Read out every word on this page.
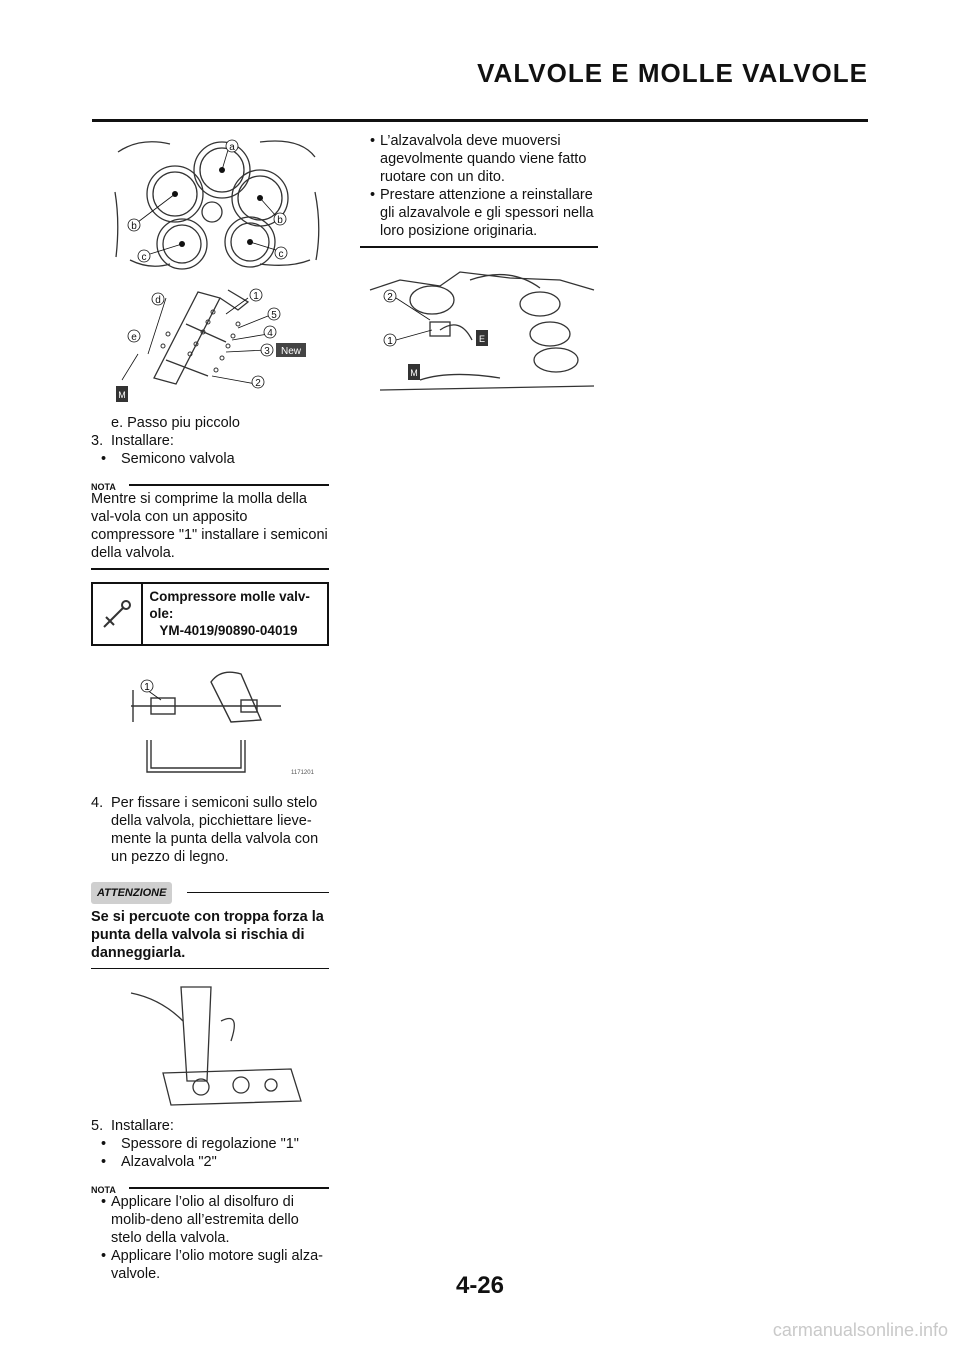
VALVOLE E MOLLE VALVOLE
a
b
b
c	c
d
e
1
5
4
3
2
New
M

e. Passo piu piccolo

3. Installare:

• Semicono valvola

NOTA

Mentre si comprime la molla della val-vola con un apposito compressore "1" installare i semiconi della valvola.

Compressore molle valv-ole:
YM-4019/90890-04019
1
1171201

4. Per fissare i semiconi sullo stelo della valvola, picchiettare lieve-mente la punta della valvola con un pezzo di legno.

ATTENZIONE

Se si percuote con troppa forza la punta della valvola si rischia di danneggiarla.

5. Installare:

• Spessore di regolazione "1"

• Alzavalvola "2"

NOTA

• Applicare l’olio al disolfuro di molib-deno all’estremita dello stelo della valvola.

• Applicare l’olio motore sugli alza-valvole.

• L’alzavalvola deve muoversi agevolmente quando viene fatto ruotare con un dito.

• Prestare attenzione a reinstallare gli alzavalvole e gli spessori nella loro posizione originaria.

2
1	E
M
4-26
carmanualsonline.info
